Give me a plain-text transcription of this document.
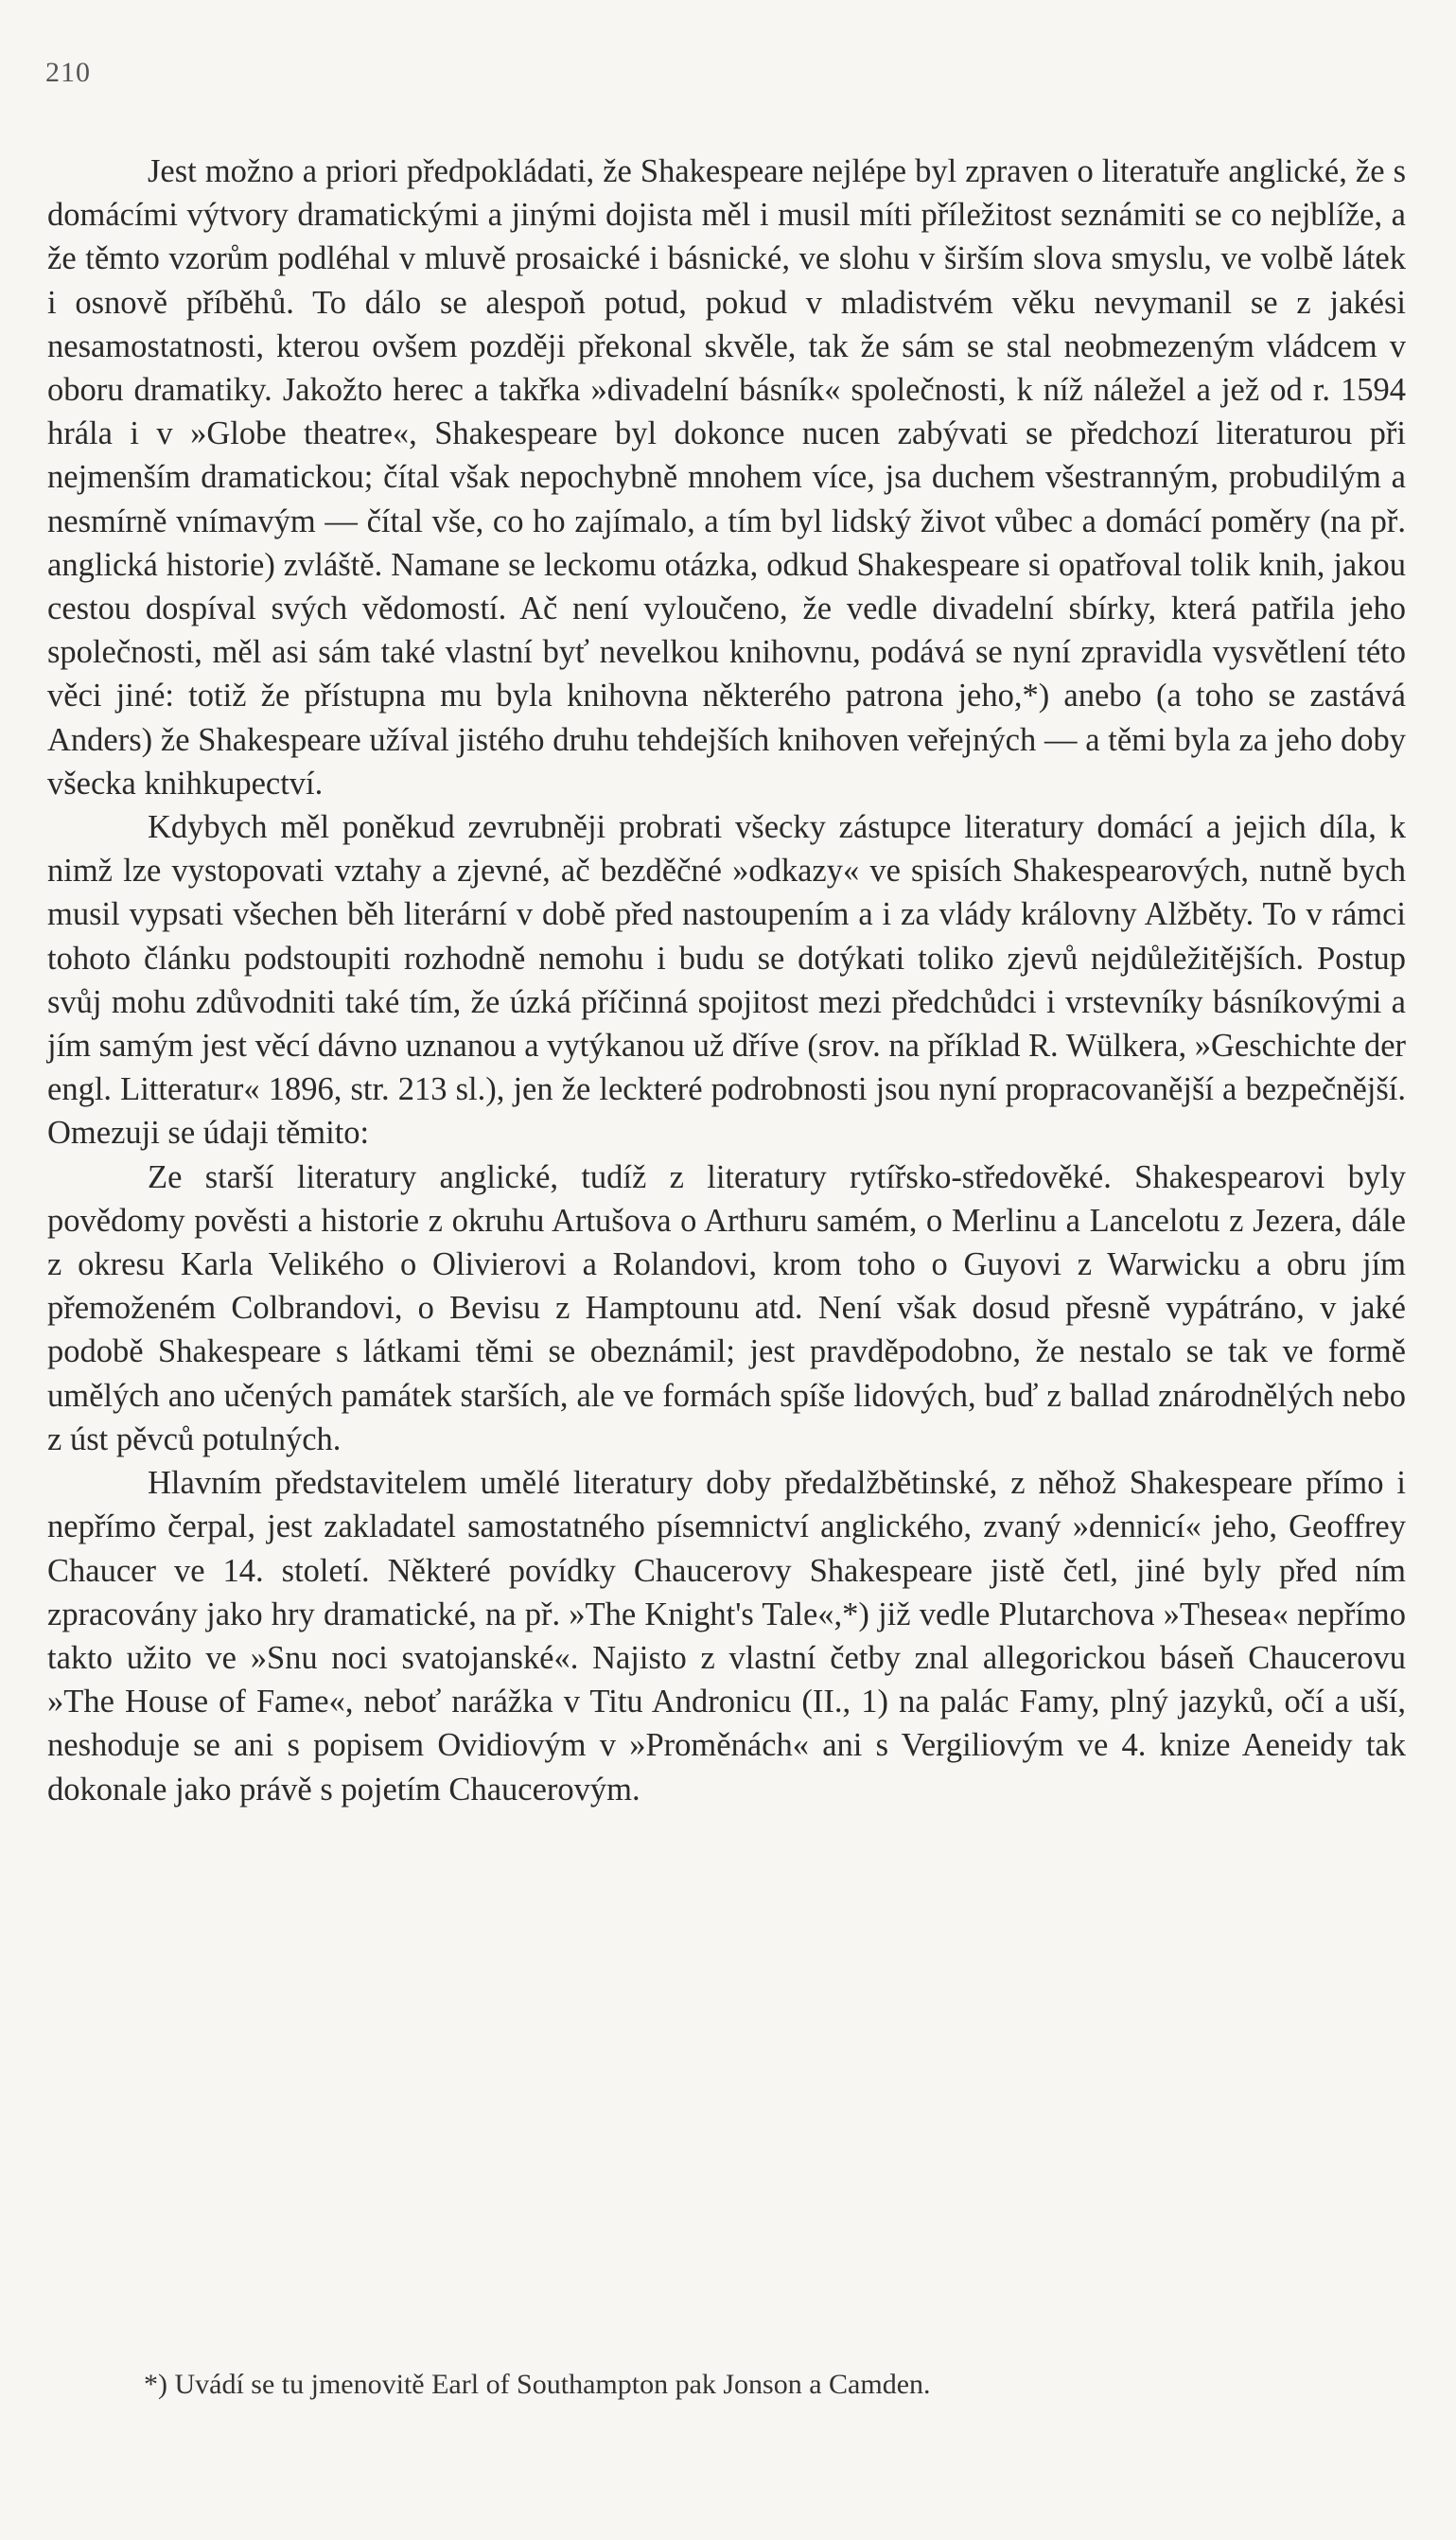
210

Jest možno a priori předpokládati, že Shakespeare nejlépe byl zpraven o literatuře anglické, že s domácími výtvory dramatickými a jinými dojista měl i musil míti příležitost seznámiti se co nejblíže, a že těmto vzorům podléhal v mluvě prosaické i básnické, ve slohu v širším slova smyslu, ve volbě látek i osnově příběhů. To dálo se alespoň potud, pokud v mladistvém věku nevymanil se z jakési nesamostatnosti, kterou ovšem později překonal skvěle, tak že sám se stal neobmezeným vládcem v oboru dramatiky. Jakožto herec a takřka »divadelní básník« společnosti, k níž náležel a jež od r. 1594 hrála i v »Globe theatre«, Shakespeare byl dokonce nucen zabývati se předchozí literaturou při nejmenším dramatickou; čítal však nepochybně mnohem více, jsa duchem všestranným, probudilým a nesmírně vnímavým — čítal vše, co ho zajímalo, a tím byl lidský život vůbec a domácí poměry (na př. anglická historie) zvláště. Namane se leckomu otázka, odkud Shakespeare si opatřoval tolik knih, jakou cestou dospíval svých vědomostí. Ač není vyloučeno, že vedle divadelní sbírky, která patřila jeho společnosti, měl asi sám také vlastní byť nevelkou knihovnu, podává se nyní zpravidla vysvětlení této věci jiné: totiž že přístupna mu byla knihovna některého patrona jeho,*) anebo (a toho se zastává Anders) že Shakespeare užíval jistého druhu tehdejších knihoven veřejných — a těmi byla za jeho doby všecka knihkupectví.

Kdybych měl poněkud zevrubněji probrati všecky zástupce literatury domácí a jejich díla, k nimž lze vystopovati vztahy a zjevné, ač bezděčné »odkazy« ve spisích Shakespearových, nutně bych musil vypsati všechen běh literární v době před nastoupením a i za vlády královny Alžběty. To v rámci tohoto článku podstoupiti rozhodně nemohu i budu se dotýkati toliko zjevů nejdůležitějších. Postup svůj mohu zdůvodniti také tím, že úzká příčinná spojitost mezi předchůdci i vrstevníky básníkovými a jím samým jest věcí dávno uznanou a vytýkanou už dříve (srov. na příklad R. Wülkera, »Geschichte der engl. Litteratur« 1896, str. 213 sl.), jen že leckteré podrobnosti jsou nyní propracovanější a bezpečnější. Omezuji se údaji těmito:

Ze starší literatury anglické, tudíž z literatury rytířsko-středověké. Shakespearovi byly povědomy pověsti a historie z okruhu Artušova o Arthuru samém, o Merlinu a Lancelotu z Jezera, dále z okresu Karla Velikého o Olivierovi a Rolandovi, krom toho o Guyovi z Warwicku a obru jím přemoženém Colbrandovi, o Bevisu z Hamptounu atd. Není však dosud přesně vypátráno, v jaké podobě Shakespeare s látkami těmi se obeznámil; jest pravděpodobno, že nestalo se tak ve formě umělých ano učených památek starších, ale ve formách spíše lidových, buď z ballad znárodnělých nebo z úst pěvců potulných.

Hlavním představitelem umělé literatury doby předalžbětinské, z něhož Shakespeare přímo i nepřímo čerpal, jest zakladatel samostatného písemnictví anglického, zvaný »dennicí« jeho, Geoffrey Chaucer ve 14. století. Některé povídky Chaucerovy Shakespeare jistě četl, jiné byly před ním zpracovány jako hry dramatické, na př. »The Knight's Tale«,*) již vedle Plutarchova »Thesea« nepřímo takto užito ve »Snu noci svatojanské«. Najisto z vlastní četby znal allegorickou báseň Chaucerovu »The House of Fame«, neboť narážka v Titu Andronicu (II., 1) na palác Famy, plný jazyků, očí a uší, neshoduje se ani s popisem Ovidiovým v »Proměnách« ani s Vergiliovým ve 4. knize Aeneidy tak dokonale jako právě s pojetím Chaucerovým.

*) Uvádí se tu jmenovitě Earl of Southampton pak Jonson a Camden.
